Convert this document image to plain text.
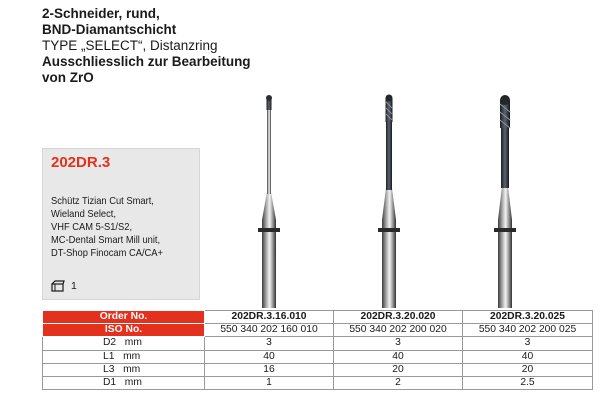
2-Schneider, rund,
BND-Diamantschicht
TYPE „SELECT“, Distanzring
Ausschliesslich zur Bearbeitung
von ZrO
202DR.3
Schütz Tizian Cut Smart,
Wieland Select,
VHF CAM 5-S1/S2,
MC-Dental Smart Mill unit,
DT-Shop Finocam CA/CA+
1
Order No.	202DR.3.16.010	202DR.3.20.020	202DR.3.20.025
ISO No.	550 340 202 160 010	550 340 202 200 020	550 340 202 200 025
D2 mm	3	3	3
L1 mm	40	40	40
L3 mm	16	20	20
D1 mm	1	2	2.5
